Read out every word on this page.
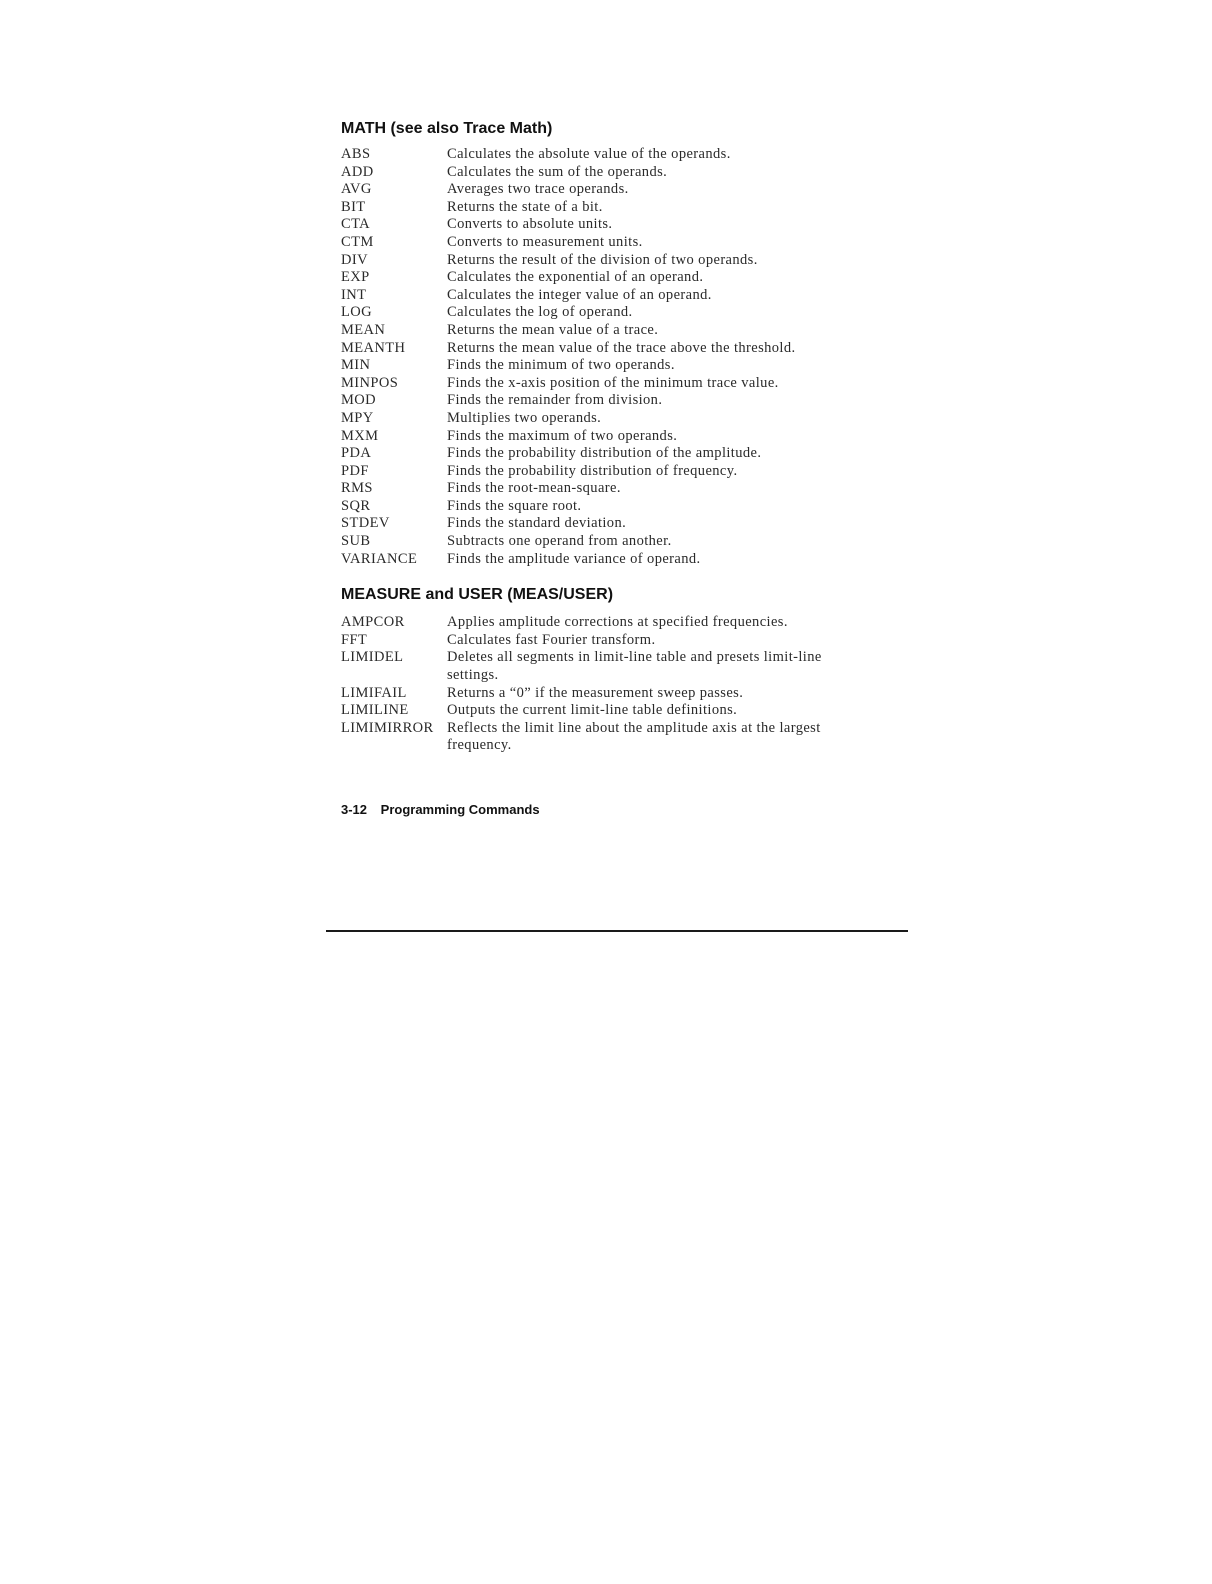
MATH (see also Trace Math)
ABS	Calculates the absolute value of the operands.
ADD	Calculates the sum of the operands.
AVG	Averages two trace operands.
BIT	Returns the state of a bit.
CTA	Converts to absolute units.
CTM	Converts to measurement units.
DIV	Returns the result of the division of two operands.
EXP	Calculates the exponential of an operand.
INT	Calculates the integer value of an operand.
LOG	Calculates the log of operand.
MEAN	Returns the mean value of a trace.
MEANTH	Returns the mean value of the trace above the threshold.
MIN	Finds the minimum of two operands.
MINPOS	Finds the x-axis position of the minimum trace value.
MOD	Finds the remainder from division.
MPY	Multiplies two operands.
MXM	Finds the maximum of two operands.
PDA	Finds the probability distribution of the amplitude.
PDF	Finds the probability distribution of frequency.
RMS	Finds the root-mean-square.
SQR	Finds the square root.
STDEV	Finds the standard deviation.
SUB	Subtracts one operand from another.
VARIANCE	Finds the amplitude variance of operand.
MEASURE and USER (MEAS/USER)
AMPCOR	Applies amplitude corrections at specified frequencies.
FFT	Calculates fast Fourier transform.
LIMIDEL	Deletes all segments in limit-line table and presets limit-line settings.
LIMIFAIL	Returns a “0” if the measurement sweep passes.
LIMILINE	Outputs the current limit-line table definitions.
LIMIMIRROR Reflects the limit line about the amplitude axis at the largest frequency.
3-12 Programming Commands
